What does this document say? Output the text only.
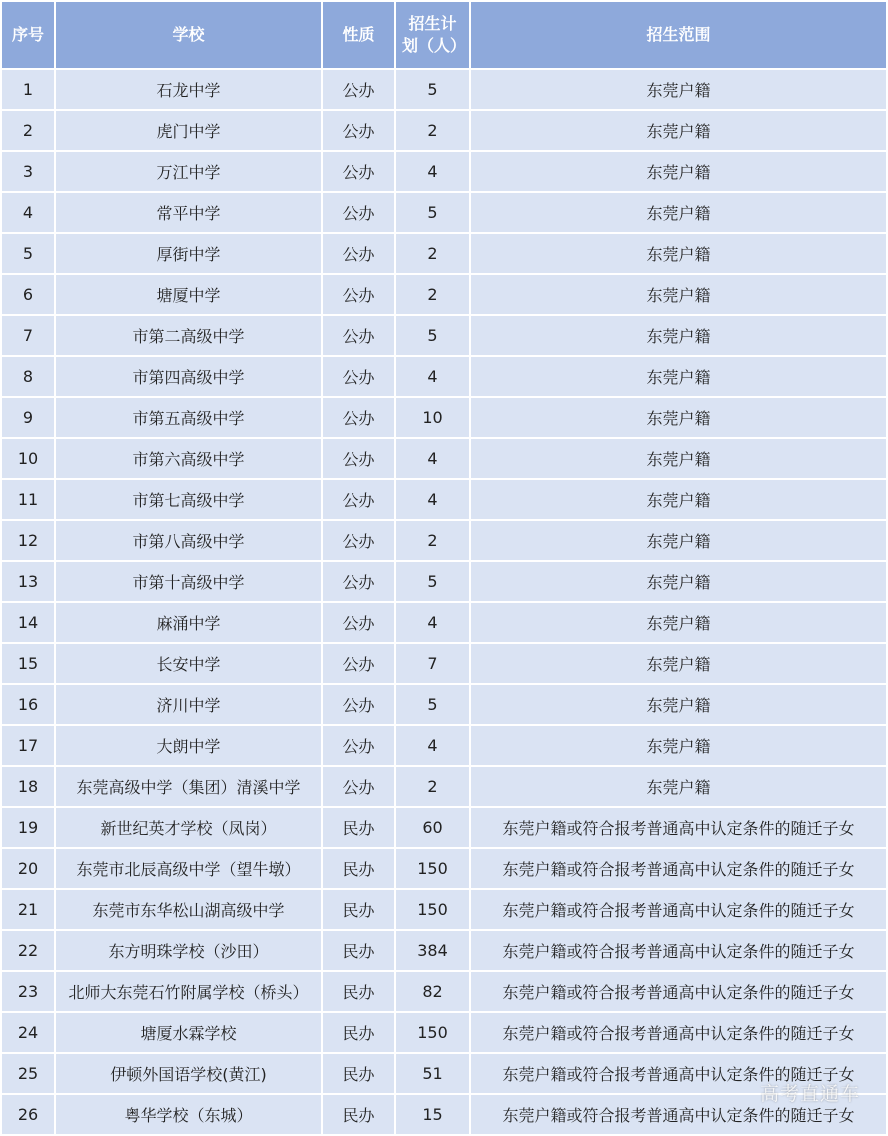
序号	学校	性质	招生计划（人）	招生范围
1	石龙中学	公办	5	东莞户籍
2	虎门中学	公办	2	东莞户籍
3	万江中学	公办	4	东莞户籍
4	常平中学	公办	5	东莞户籍
5	厚街中学	公办	2	东莞户籍
6	塘厦中学	公办	2	东莞户籍
7	市第二高级中学	公办	5	东莞户籍
8	市第四高级中学	公办	4	东莞户籍
9	市第五高级中学	公办	10	东莞户籍
10	市第六高级中学	公办	4	东莞户籍
11	市第七高级中学	公办	4	东莞户籍
12	市第八高级中学	公办	2	东莞户籍
13	市第十高级中学	公办	5	东莞户籍
14	麻涌中学	公办	4	东莞户籍
15	长安中学	公办	7	东莞户籍
16	济川中学	公办	5	东莞户籍
17	大朗中学	公办	4	东莞户籍
18	东莞高级中学（集团）清溪中学	公办	2	东莞户籍
19	新世纪英才学校（凤岗）	民办	60	东莞户籍或符合报考普通高中认定条件的随迁子女
20	东莞市北辰高级中学（望牛墩）	民办	150	东莞户籍或符合报考普通高中认定条件的随迁子女
21	东莞市东华松山湖高级中学	民办	150	东莞户籍或符合报考普通高中认定条件的随迁子女
22	东方明珠学校（沙田）	民办	384	东莞户籍或符合报考普通高中认定条件的随迁子女
23	北师大东莞石竹附属学校（桥头）	民办	82	东莞户籍或符合报考普通高中认定条件的随迁子女
24	塘厦水霖学校	民办	150	东莞户籍或符合报考普通高中认定条件的随迁子女
25	伊顿外国语学校(黄江)	民办	51	东莞户籍或符合报考普通高中认定条件的随迁子女
26	粤华学校（东城）	民办	15	东莞户籍或符合报考普通高中认定条件的随迁子女
高考直通车
